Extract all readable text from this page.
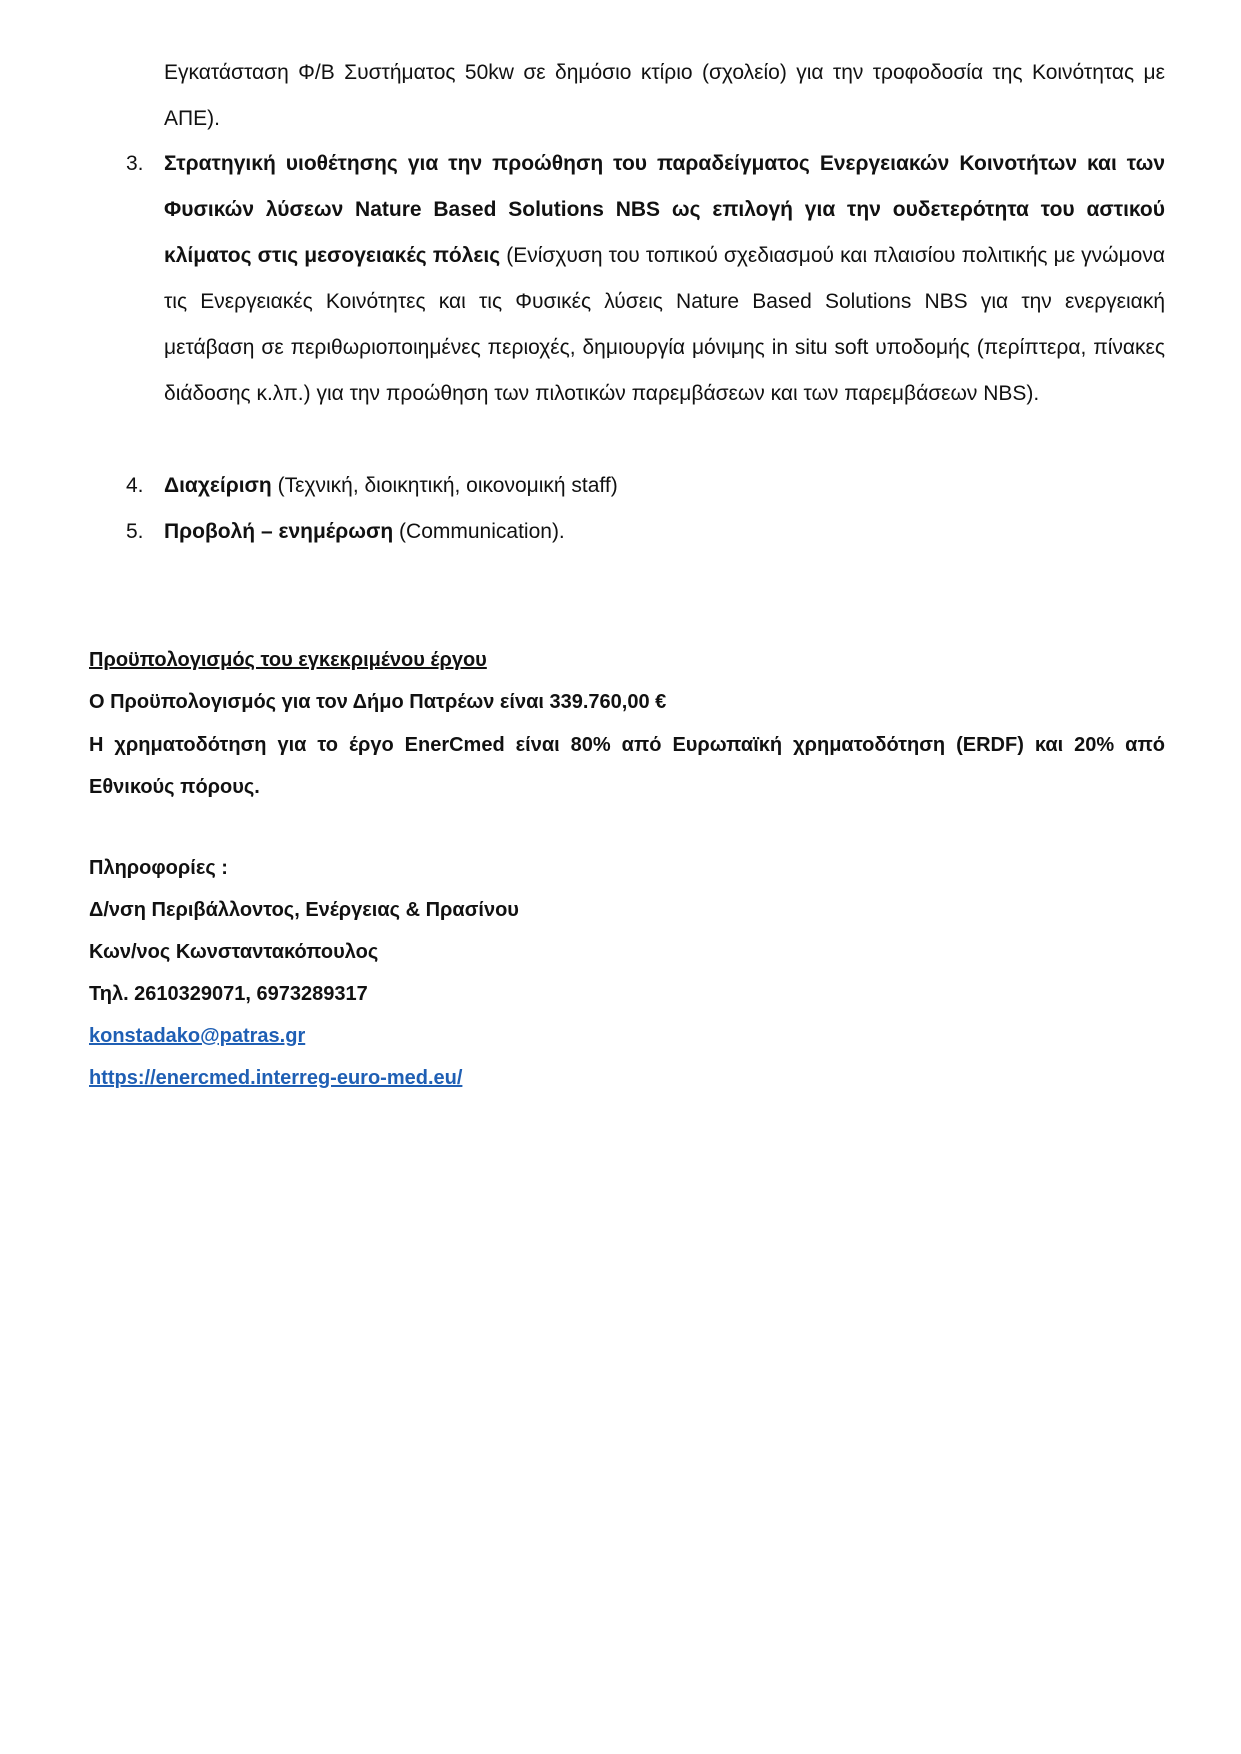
Εγκατάσταση Φ/Β Συστήματος 50kw σε δημόσιο κτίριο (σχολείο) για την τροφοδοσία της Κοινότητας με ΑΠΕ).
3. Στρατηγική υιοθέτησης για την προώθηση του παραδείγματος Ενεργειακών Κοινοτήτων και των Φυσικών λύσεων Nature Based Solutions NBS ως επιλογή για την ουδετερότητα του αστικού κλίματος στις μεσογειακές πόλεις (Ενίσχυση του τοπικού σχεδιασμού και πλαισίου πολιτικής με γνώμονα τις Ενεργειακές Κοινότητες και τις Φυσικές λύσεις Nature Based Solutions NBS για την ενεργειακή μετάβαση σε περιθωριοποιημένες περιοχές, δημιουργία μόνιμης in situ soft υποδομής (περίπτερα, πίνακες διάδοσης κ.λπ.) για την προώθηση των πιλοτικών παρεμβάσεων και των παρεμβάσεων NBS).
4. Διαχείριση (Τεχνική, διοικητική, οικονομική staff)
5. Προβολή – ενημέρωση (Communication).
Προϋπολογισμός του εγκεκριμένου έργου
Ο Προϋπολογισμός για τον Δήμο Πατρέων είναι 339.760,00 €
Η χρηματοδότηση για το έργο EnerCmed είναι 80% από Ευρωπαϊκή χρηματοδότηση (ERDF) και 20% από Εθνικούς πόρους.
Πληροφορίες :
Δ/νση Περιβάλλοντος, Ενέργειας & Πρασίνου
Κων/νος Κωνσταντακόπουλος
Τηλ. 2610329071, 6973289317
konstadako@patras.gr
https://enercmed.interreg-euro-med.eu/
